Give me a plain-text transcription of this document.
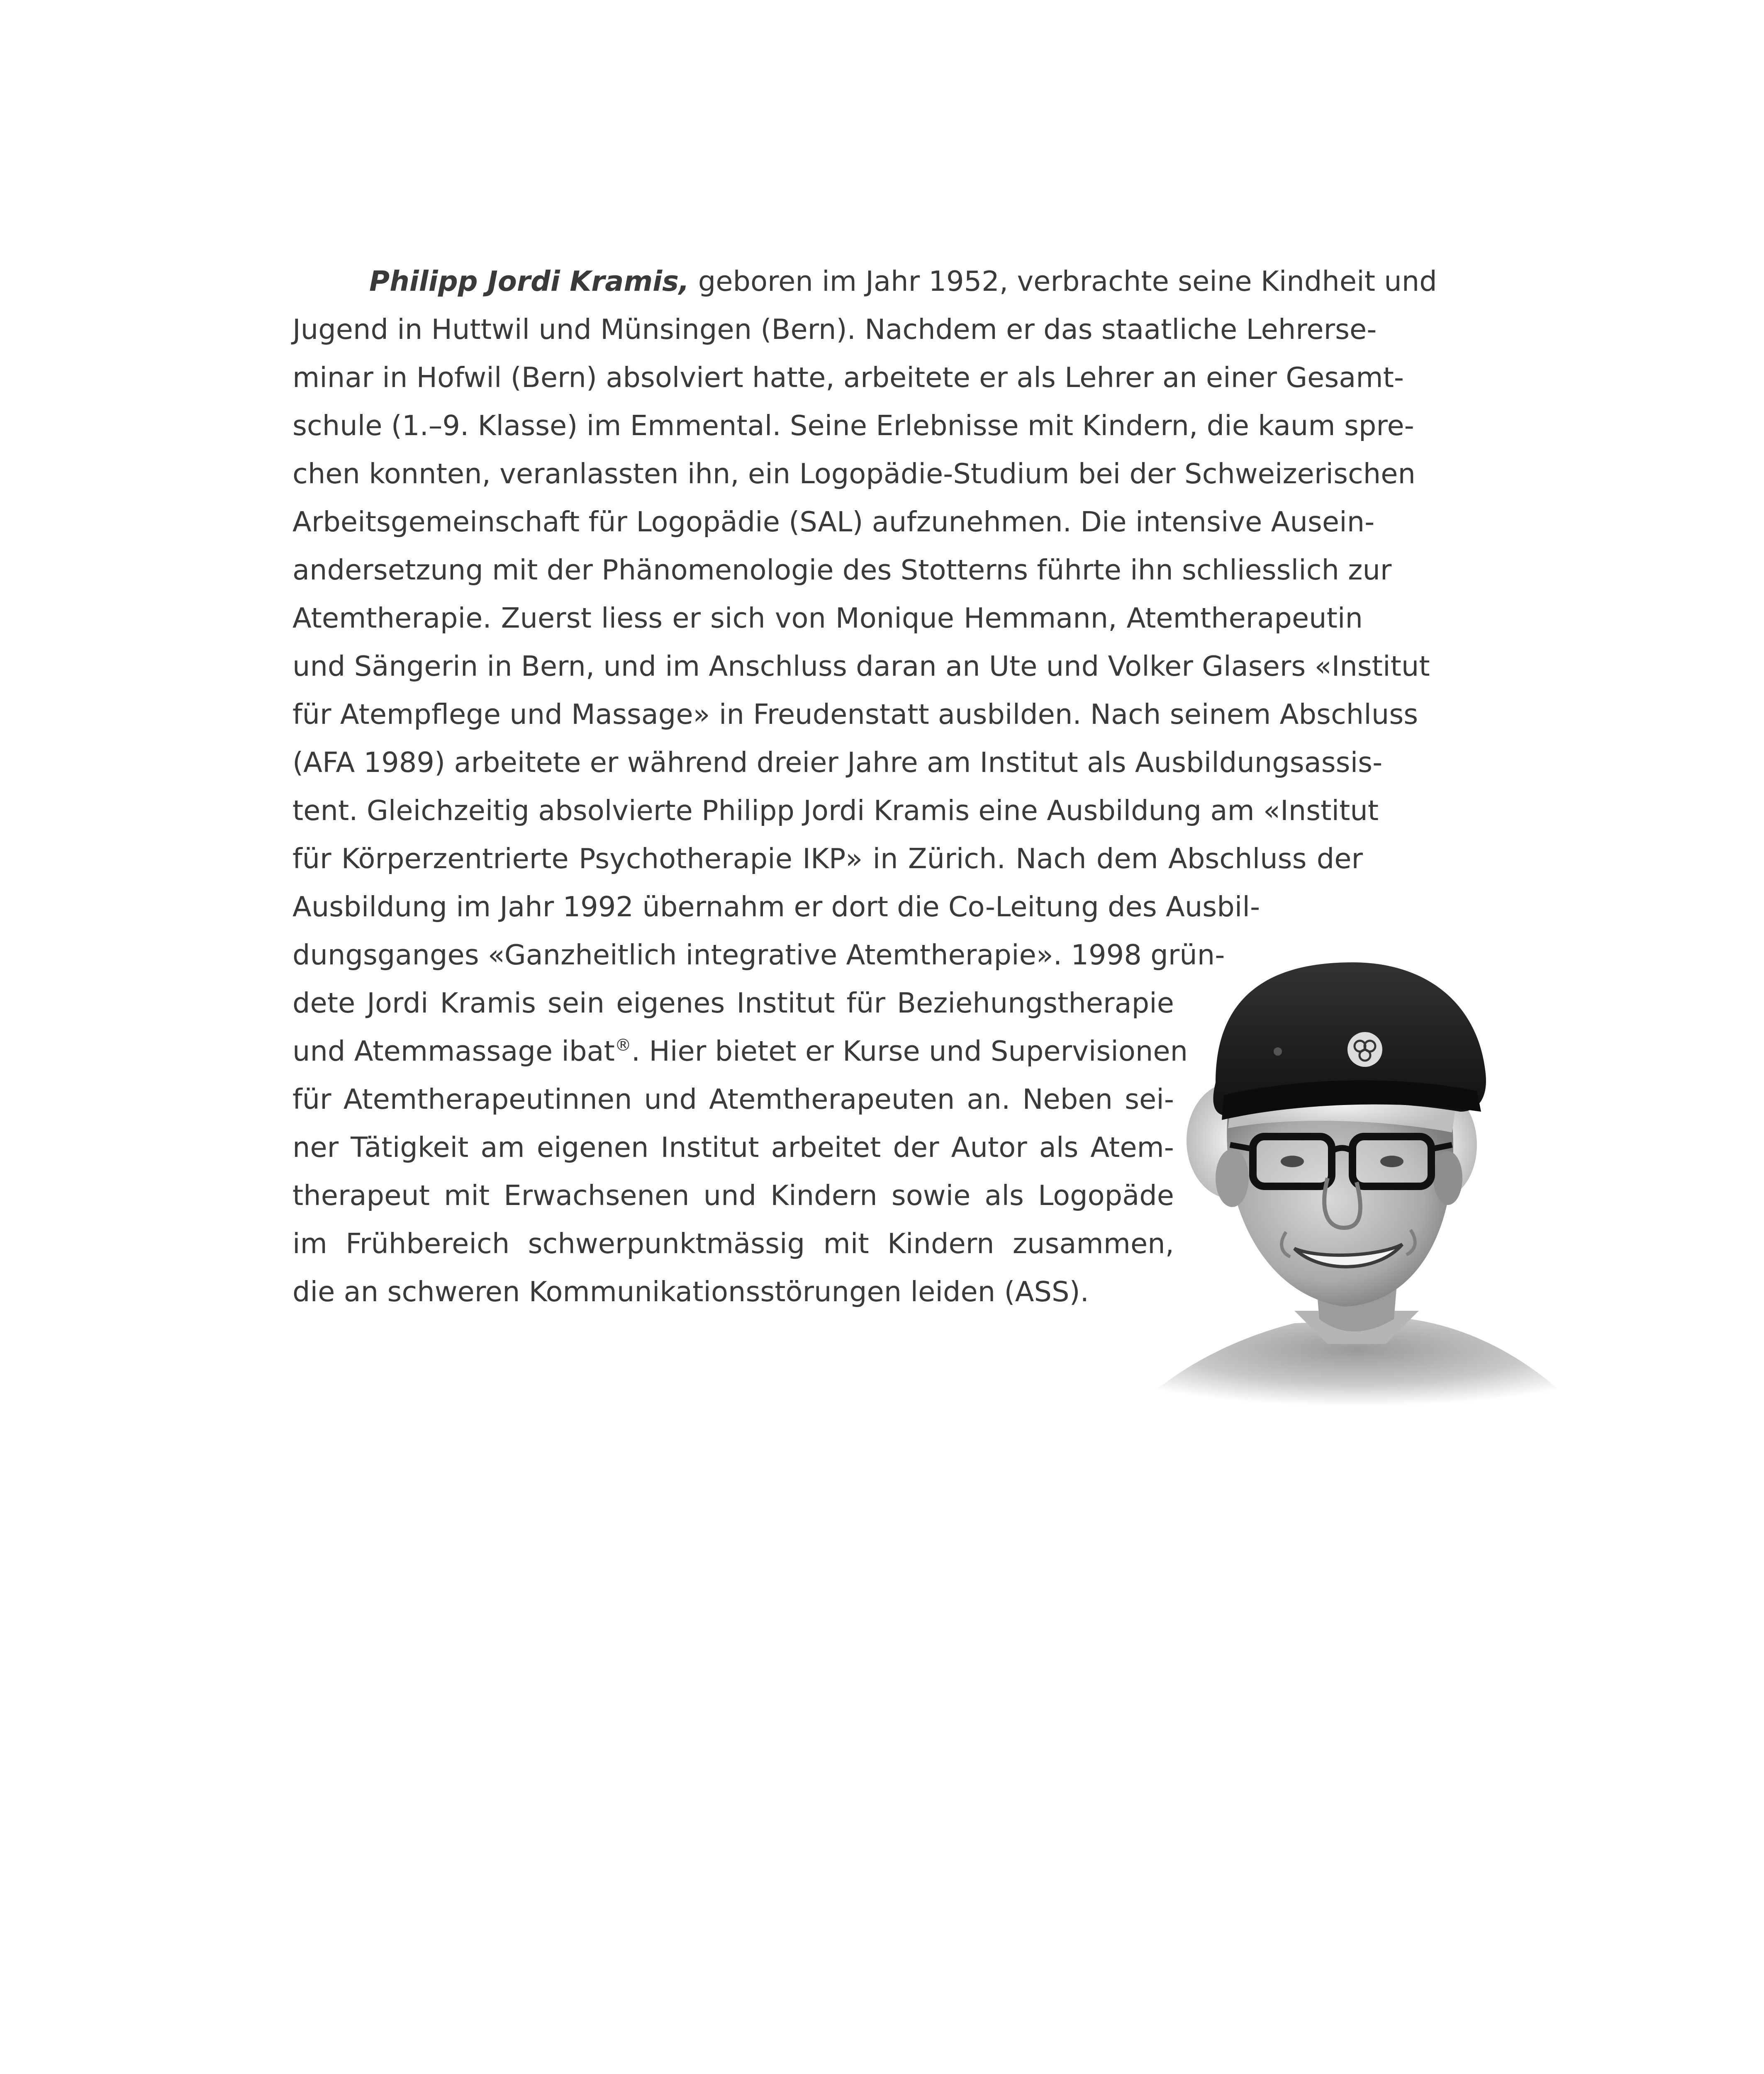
Philipp Jordi Kramis, geboren im Jahr 1952, verbrachte seine Kindheit und
Jugend in Huttwil und Münsingen (Bern). Nachdem er das staatliche Lehrerse-
minar in Hofwil (Bern) absolviert hatte, arbeitete er als Lehrer an einer Gesamt-
schule (1.–9. Klasse) im Emmental. Seine Erlebnisse mit Kindern, die kaum spre-
chen konnten, veranlassten ihn, ein Logopädie-Studium bei der Schweizerischen
Arbeitsgemeinschaft für Logopädie (SAL) aufzunehmen. Die intensive Ausein-
andersetzung mit der Phänomenologie des Stotterns führte ihn schliesslich zur
Atemtherapie. Zuerst liess er sich von Monique Hemmann, Atemtherapeutin
und Sängerin in Bern, und im Anschluss daran an Ute und Volker Glasers «Institut
für Atempflege und Massage» in Freudenstatt ausbilden. Nach seinem Abschluss
(AFA 1989) arbeitete er während dreier Jahre am Institut als Ausbildungsassis-
tent. Gleichzeitig absolvierte Philipp Jordi Kramis eine Ausbildung am «Institut
für Körperzentrierte Psychotherapie IKP» in Zürich. Nach dem Abschluss der
Ausbildung im Jahr 1992 übernahm er dort die Co-Leitung des Ausbil-
dungsganges «Ganzheitlich integrative Atemtherapie». 1998 grün-
dete Jordi Kramis sein eigenes Institut für Beziehungstherapie
und Atemmassage ibat®. Hier bietet er Kurse und Supervisionen
für Atemtherapeutinnen und Atemtherapeuten an. Neben sei-
ner Tätigkeit am eigenen Institut arbeitet der Autor als Atem-
therapeut mit Erwachsenen und Kindern sowie als Logopäde
im Frühbereich schwerpunktmässig mit Kindern zusammen,
die an schweren Kommunikationsstörungen leiden (ASS).
